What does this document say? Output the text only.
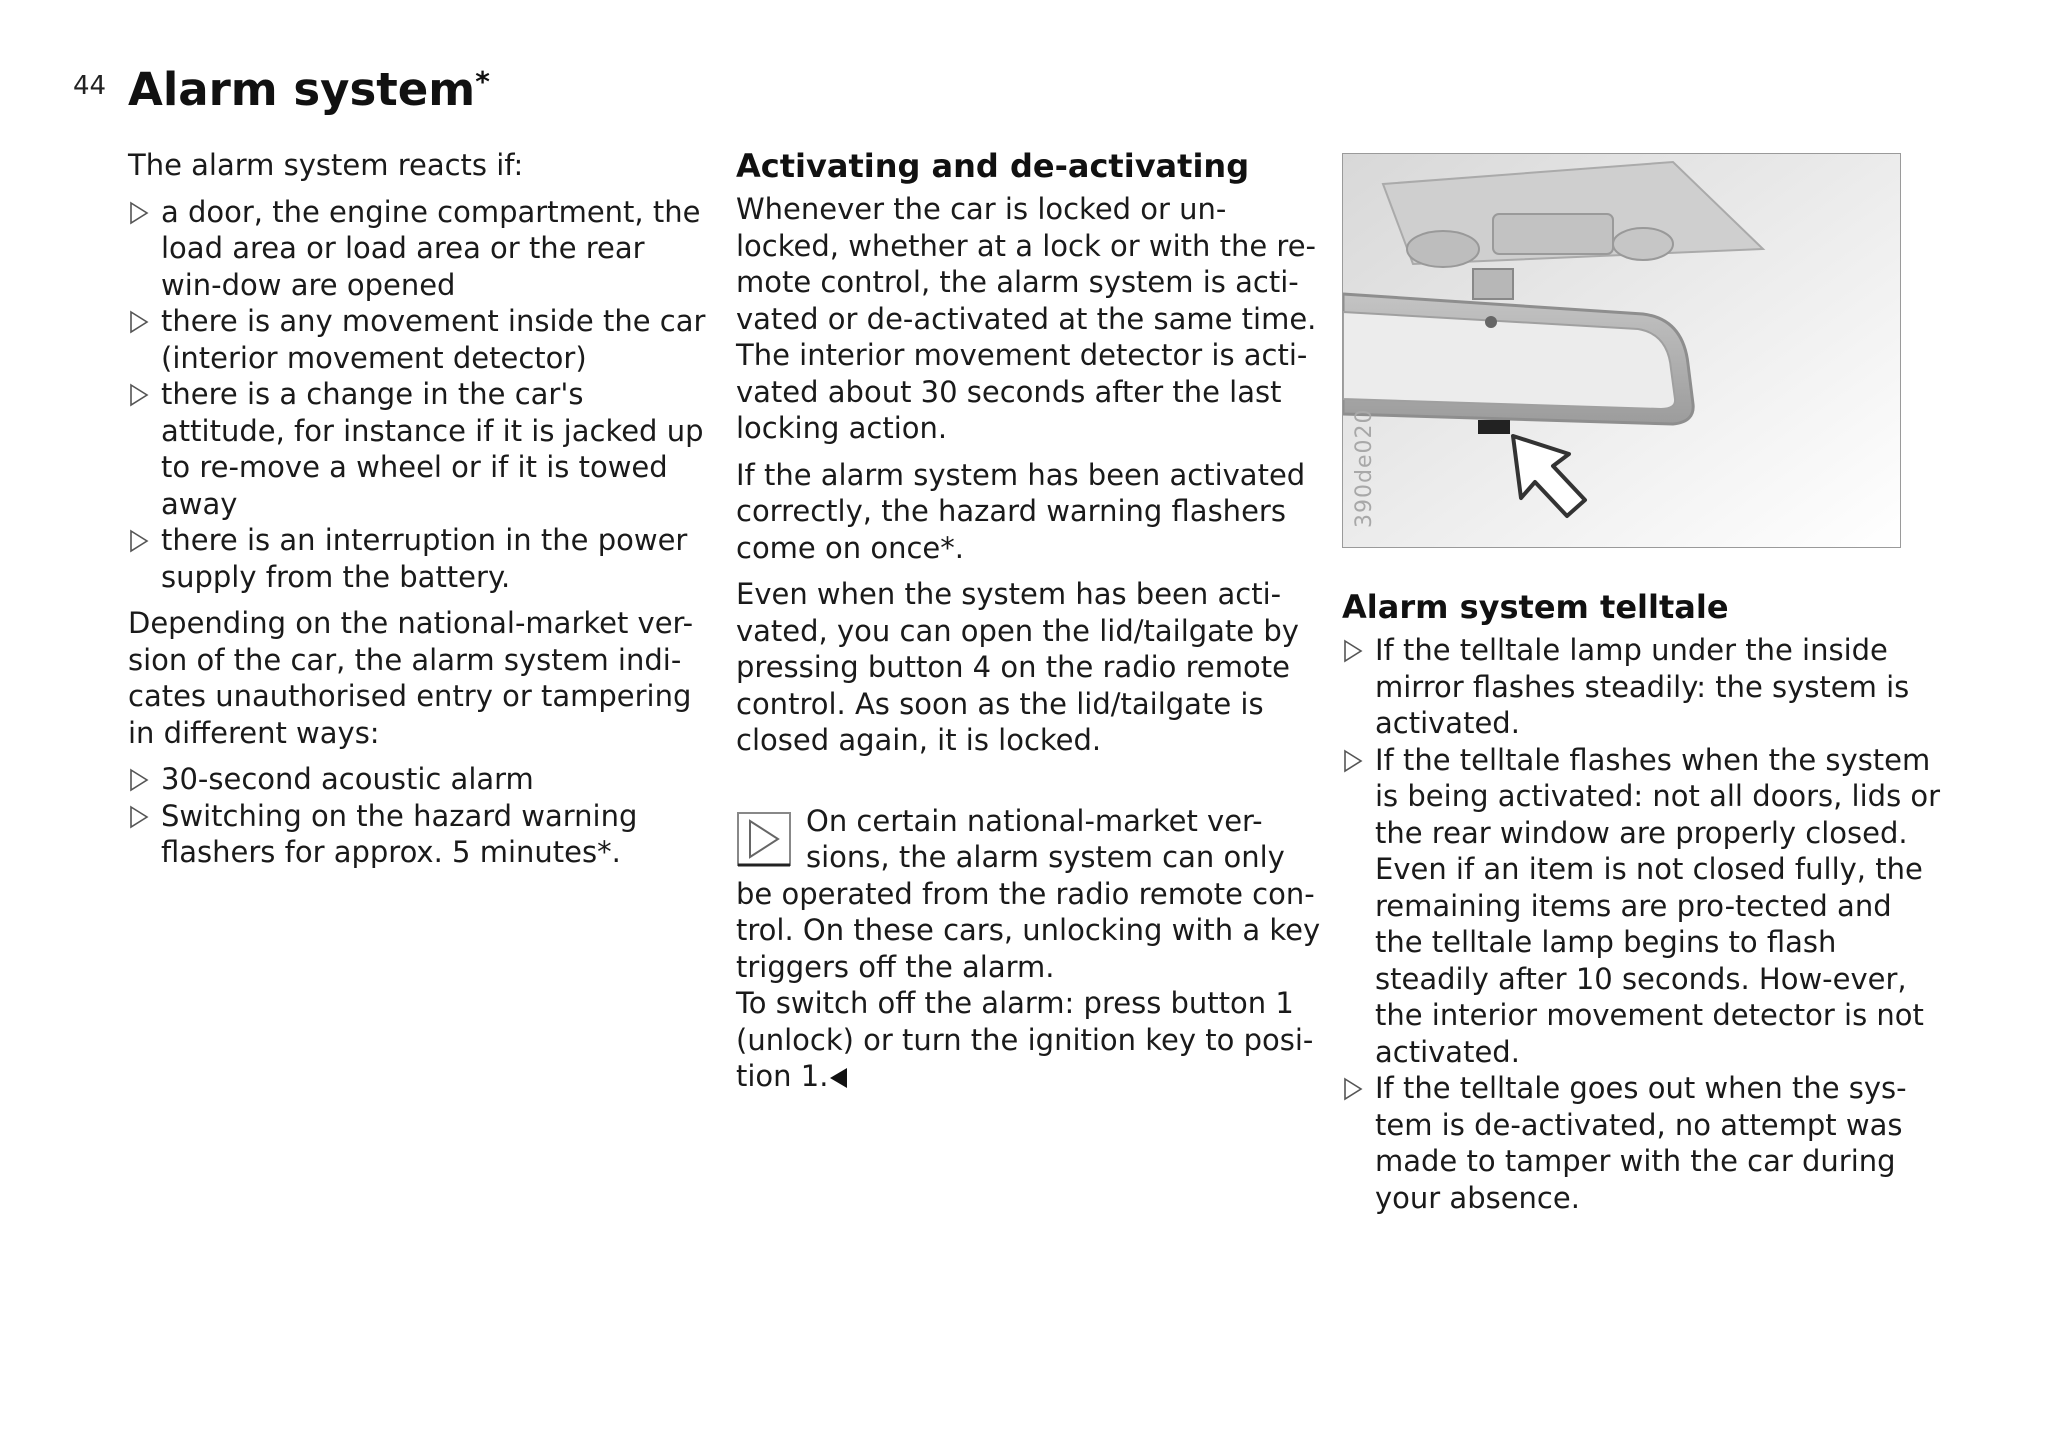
44 Alarm system*

The alarm system reacts if:

a door, the engine compartment, the load area or load area or the rear win-dow are opened
there is any movement inside the car (interior movement detector)
there is a change in the car's attitude, for instance if it is jacked up to re-move a wheel or if it is towed away
there is an interruption in the power supply from the battery.

Depending on the national-market ver-sion of the car, the alarm system indi-cates unauthorised entry or tampering in different ways:

30-second acoustic alarm
Switching on the hazard warning flashers for approx. 5 minutes*.
Activating and de-activating

Whenever the car is locked or un-locked, whether at a lock or with the re-mote control, the alarm system is acti-vated or de-activated at the same time. The interior movement detector is acti-vated about 30 seconds after the last locking action.

If the alarm system has been activated correctly, the hazard warning flashers come on once*.

Even when the system has been acti-vated, you can open the lid/tailgate by pressing button 4 on the radio remote control. As soon as the lid/tailgate is closed again, it is locked.

On certain national-market ver-sions, the alarm system can only be operated from the radio remote con-trol. On these cars, unlocking with a key triggers off the alarm.

To switch off the alarm: press button 1 (unlock) or turn the ignition key to posi-tion 1.

390de020
Alarm system telltale
If the telltale lamp under the inside mirror flashes steadily: the system is activated.
If the telltale flashes when the system is being activated: not all doors, lids or the rear window are properly closed. Even if an item is not closed fully, the remaining items are pro-tected and the telltale lamp begins to flash steadily after 10 seconds. How-ever, the interior movement detector is not activated.
If the telltale goes out when the sys-tem is de-activated, no attempt was made to tamper with the car during your absence.
